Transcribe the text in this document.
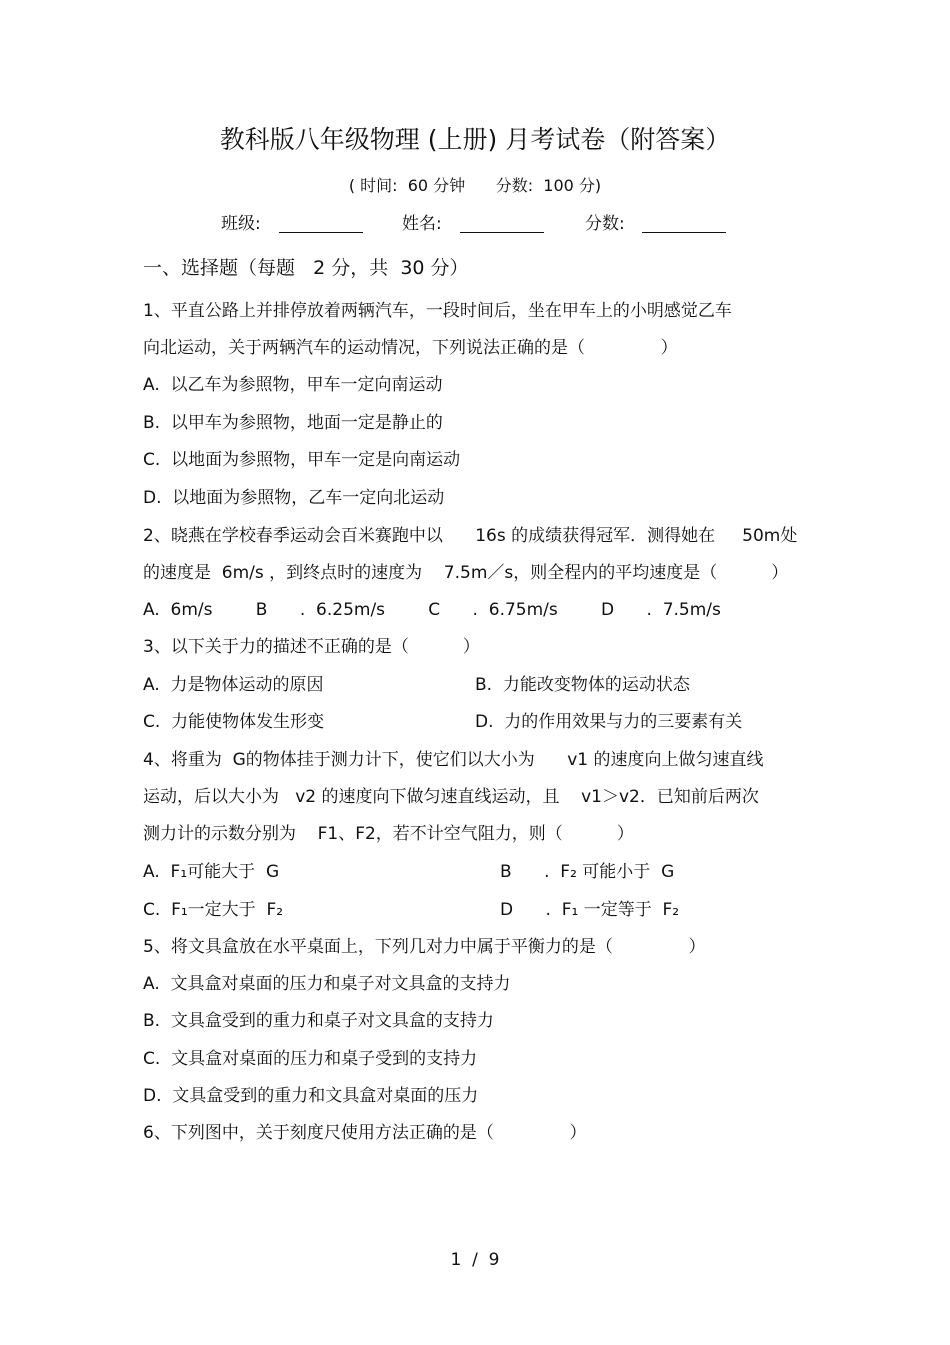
教科版八年级物理 (上册) 月考试卷（附答案）
( 时间:  60 分钟      分数:  100 分)
班级:	姓名:	分数:
一、选择题（每题   2 分，共  30 分）
1、平直公路上并排停放着两辆汽车，一段时间后，坐在甲车上的小明感觉乙车
向北运动，关于两辆汽车的运动情况，下列说法正确的是（              ）
A.  以乙车为参照物，甲车一定向南运动
B.  以甲车为参照物，地面一定是静止的
C.  以地面为参照物，甲车一定是向南运动
D.  以地面为参照物，乙车一定向北运动
2、晓燕在学校春季运动会百米赛跑中以      16s 的成绩获得冠军．测得她在     50m处
的速度是  6m/s ，到终点时的速度为    7.5m／s，则全程内的平均速度是（          ）
A.  6m/s        B      .  6.25m/s        C      .  6.75m/s        D      .  7.5m/s
3、以下关于力的描述不正确的是（          ）
A.  力是物体运动的原因	B.  力能改变物体的运动状态
C.  力能使物体发生形变	D.  力的作用效果与力的三要素有关
4、将重为  G的物体挂于测力计下，使它们以大小为      v1 的速度向上做匀速直线
运动，后以大小为   v2 的速度向下做匀速直线运动，且    v1＞v2．已知前后两次
测力计的示数分别为    F1、F2，若不计空气阻力，则（          ）
A.  F₁可能大于  G	B      .  F₂ 可能小于  G
C.  F₁一定大于  F₂	D      .  F₁ 一定等于  F₂
5、将文具盒放在水平桌面上，下列几对力中属于平衡力的是（              ）
A.  文具盒对桌面的压力和桌子对文具盒的支持力
B.  文具盒受到的重力和桌子对文具盒的支持力
C.  文具盒对桌面的压力和桌子受到的支持力
D.  文具盒受到的重力和文具盒对桌面的压力
6、下列图中，关于刻度尺使用方法正确的是（              ）
1  /  9
